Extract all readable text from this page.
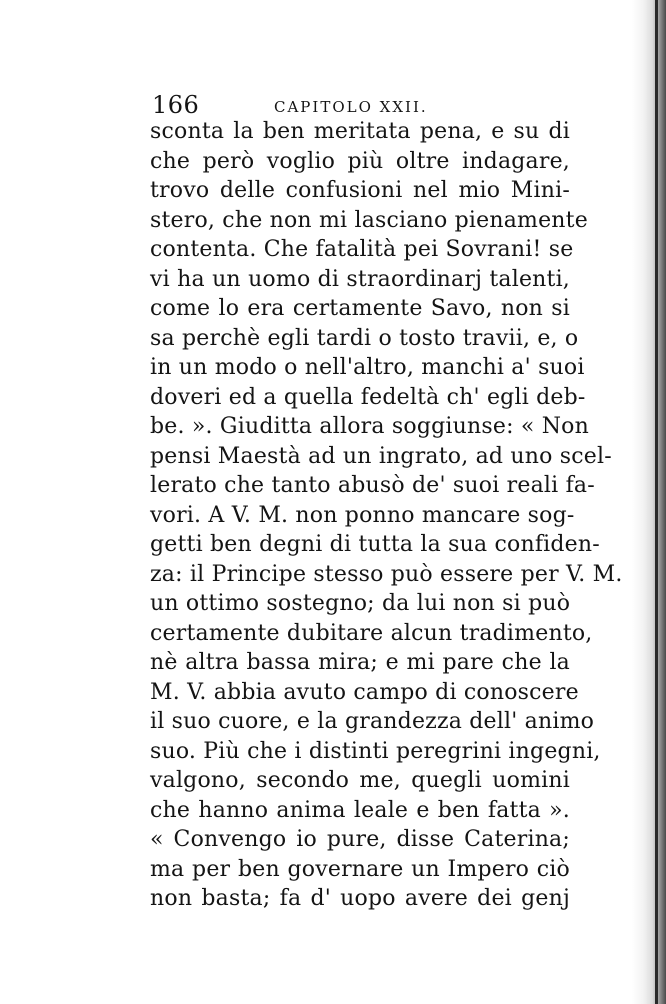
166	CAPITOLO XXII.
sconta la ben meritata pena, e su di
che però voglio più oltre indagare,
trovo delle confusioni nel mio Mini-
stero, che non mi lasciano pienamente
contenta. Che fatalità pei Sovrani! se
vi ha un uomo di straordinarj talenti,
come lo era certamente Savo, non si
sa perchè egli tardi o tosto travii, e, o
in un modo o nell'altro, manchi a' suoi
doveri ed a quella fedeltà ch' egli deb-
be. ». Giuditta allora soggiunse: « Non
pensi Maestà ad un ingrato, ad uno scel-
lerato che tanto abusò de' suoi reali fa-
vori. A V. M. non ponno mancare sog-
getti ben degni di tutta la sua confiden-
za: il Principe stesso può essere per V. M.
un ottimo sostegno; da lui non si può
certamente dubitare alcun tradimento,
nè altra bassa mira; e mi pare che la
M. V. abbia avuto campo di conoscere
il suo cuore, e la grandezza dell' animo
suo. Più che i distinti peregrini ingegni,
valgono, secondo me, quegli uomini
che hanno anima leale e ben fatta ».
« Convengo io pure, disse Caterina;
ma per ben governare un Impero ciò
non basta; fa d' uopo avere dei genj
